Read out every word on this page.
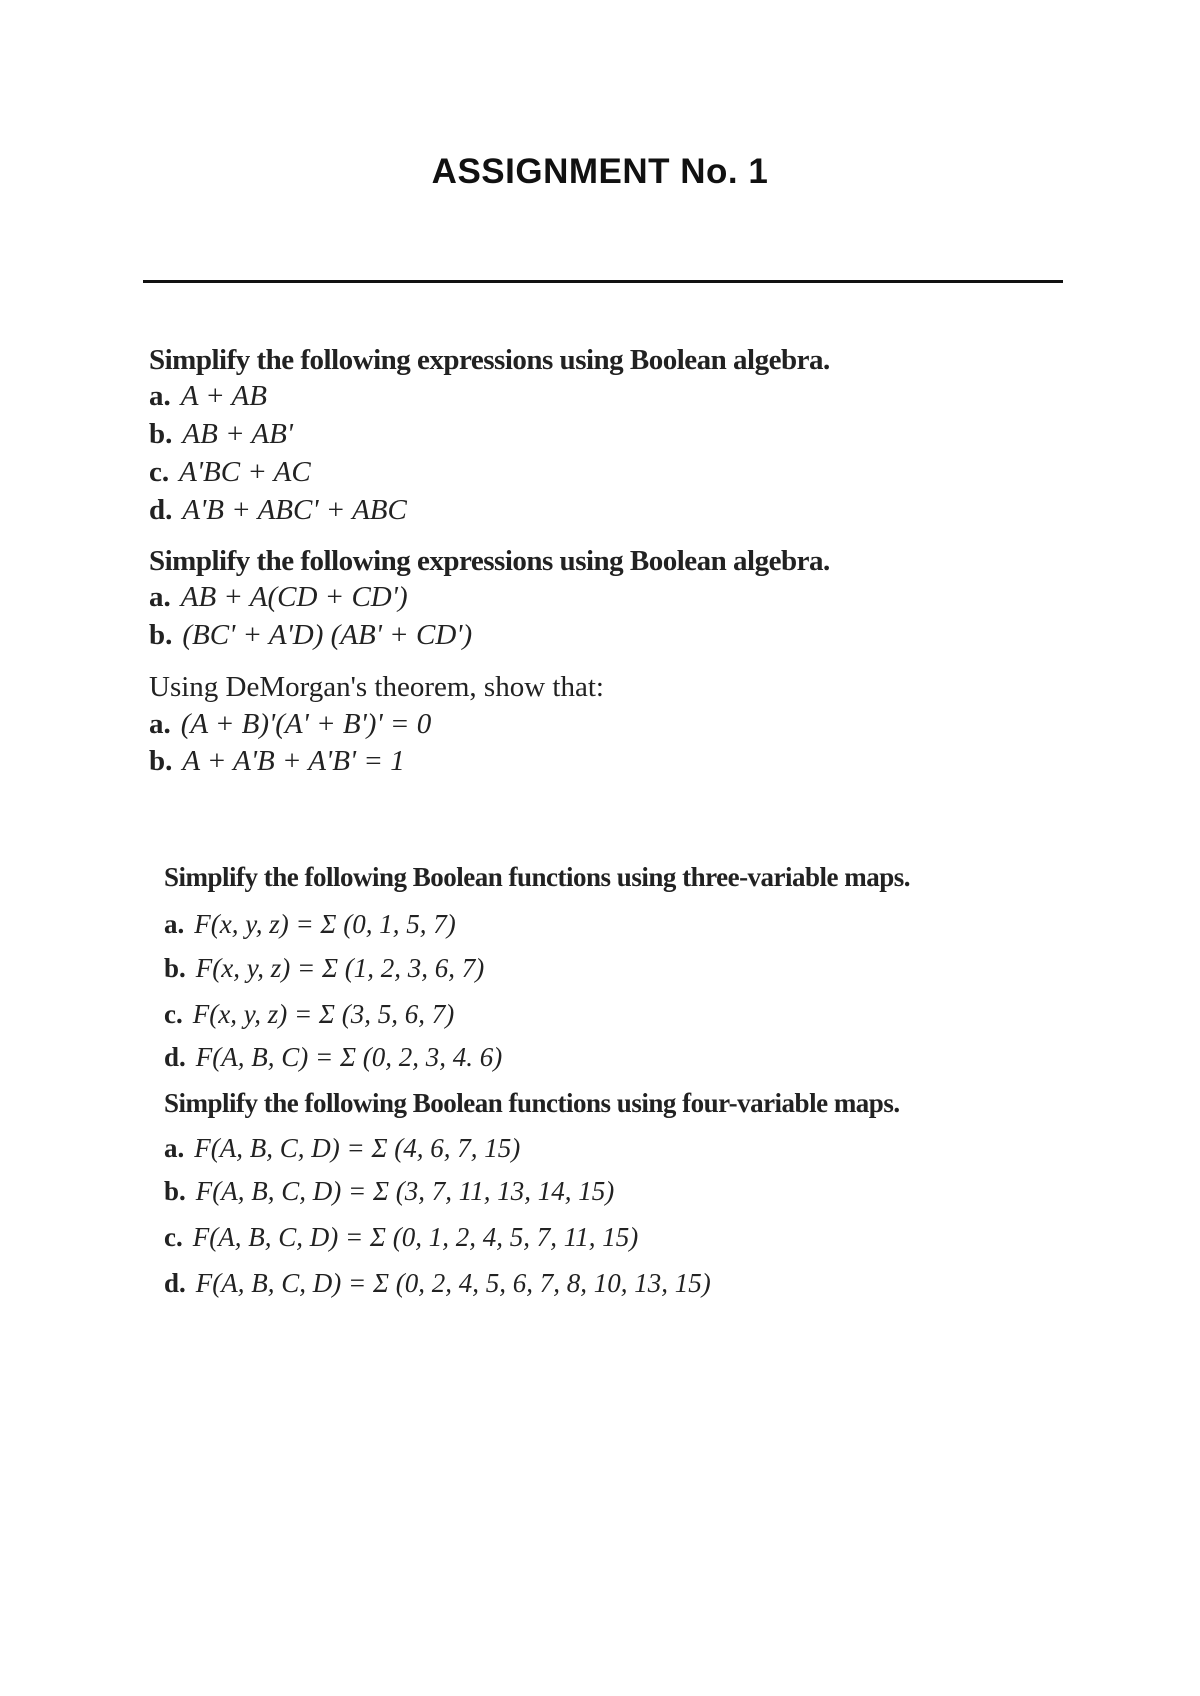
ASSIGNMENT No. 1
Simplify the following expressions using Boolean algebra.
a. A + AB
b. AB + AB'
c. A'BC + AC
d. A'B + ABC' + ABC
Simplify the following expressions using Boolean algebra.
a. AB + A(CD + CD')
b. (BC' + A'D) (AB' + CD')
Using DeMorgan's theorem, show that:
a. (A + B)'(A' + B')' = 0
b. A + A'B + A'B' = 1
Simplify the following Boolean functions using three-variable maps.
a. F(x, y, z) = Σ (0, 1, 5, 7)
b. F(x, y, z) = Σ (1, 2, 3, 6, 7)
c. F(x, y, z) = Σ (3, 5, 6, 7)
d. F(A, B, C) = Σ (0, 2, 3, 4. 6)
Simplify the following Boolean functions using four-variable maps.
a. F(A, B, C, D) = Σ (4, 6, 7, 15)
b. F(A, B, C, D) = Σ (3, 7, 11, 13, 14, 15)
c. F(A, B, C, D) = Σ (0, 1, 2, 4, 5, 7, 11, 15)
d. F(A, B, C, D) = Σ (0, 2, 4, 5, 6, 7, 8, 10, 13, 15)
